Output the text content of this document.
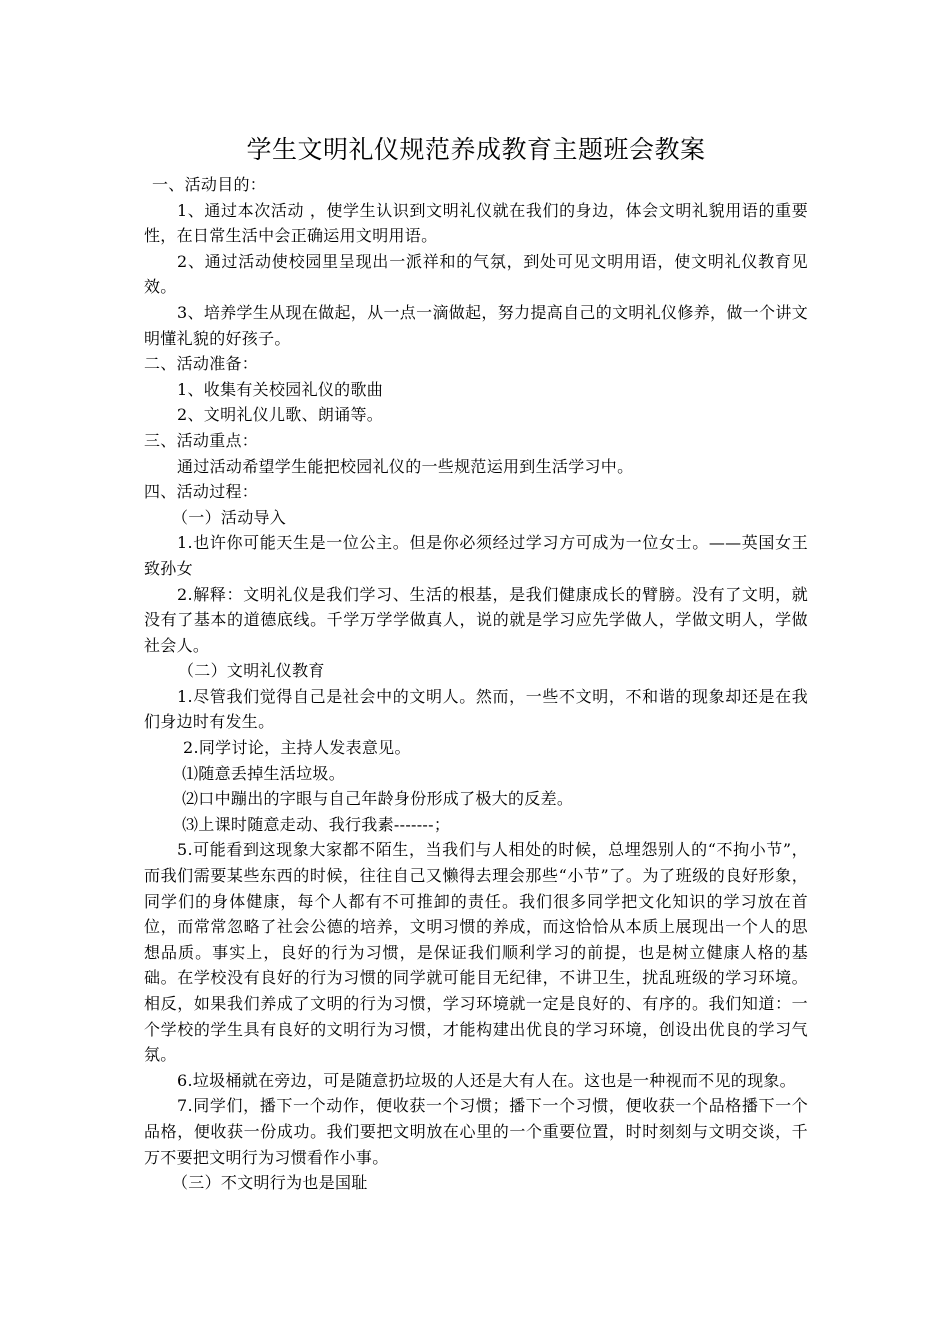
学生文明礼仪规范养成教育主题班会教案

一、活动目的：

1、通过本次活动 ，使学生认识到文明礼仪就在我们的身边，体会文明礼貌用语的重要性，在日常生活中会正确运用文明用语。

2、通过活动使校园里呈现出一派祥和的气氛，到处可见文明用语，使文明礼仪教育见效。

3、培养学生从现在做起，从一点一滴做起，努力提高自己的文明礼仪修养，做一个讲文明懂礼貌的好孩子。

二、活动准备：

1、收集有关校园礼仪的歌曲

2、文明礼仪儿歌、朗诵等。

三、活动重点：

通过活动希望学生能把校园礼仪的一些规范运用到生活学习中。

四、活动过程：

（一）活动导入

1.也许你可能天生是一位公主。但是你必须经过学习方可成为一位女士。——英国女王致孙女

2.解释：文明礼仪是我们学习、生活的根基，是我们健康成长的臂膀。没有了文明，就没有了基本的道德底线。千学万学学做真人，说的就是学习应先学做人，学做文明人，学做社会人。

（二）文明礼仪教育

1.尽管我们觉得自己是社会中的文明人。然而，一些不文明，不和谐的现象却还是在我们身边时有发生。

2.同学讨论，主持人发表意见。

⑴随意丢掉生活垃圾。

⑵口中蹦出的字眼与自己年龄身份形成了极大的反差。

⑶上课时随意走动、我行我素-------；

5.可能看到这现象大家都不陌生，当我们与人相处的时候，总埋怨别人的“不拘小节”，而我们需要某些东西的时候，往往自己又懒得去理会那些“小节”了。为了班级的良好形象，同学们的身体健康，每个人都有不可推卸的责任。我们很多同学把文化知识的学习放在首位，而常常忽略了社会公德的培养，文明习惯的养成，而这恰恰从本质上展现出一个人的思想品质。事实上，良好的行为习惯，是保证我们顺利学习的前提，也是树立健康人格的基础。在学校没有良好的行为习惯的同学就可能目无纪律，不讲卫生，扰乱班级的学习环境。相反，如果我们养成了文明的行为习惯，学习环境就一定是良好的、有序的。我们知道：一个学校的学生具有良好的文明行为习惯，才能构建出优良的学习环境，创设出优良的学习气氛。

6.垃圾桶就在旁边，可是随意扔垃圾的人还是大有人在。这也是一种视而不见的现象。

7.同学们，播下一个动作，便收获一个习惯；播下一个习惯，便收获一个品格播下一个品格，便收获一份成功。我们要把文明放在心里的一个重要位置，时时刻刻与文明交谈，千万不要把文明行为习惯看作小事。

（三）不文明行为也是国耻
